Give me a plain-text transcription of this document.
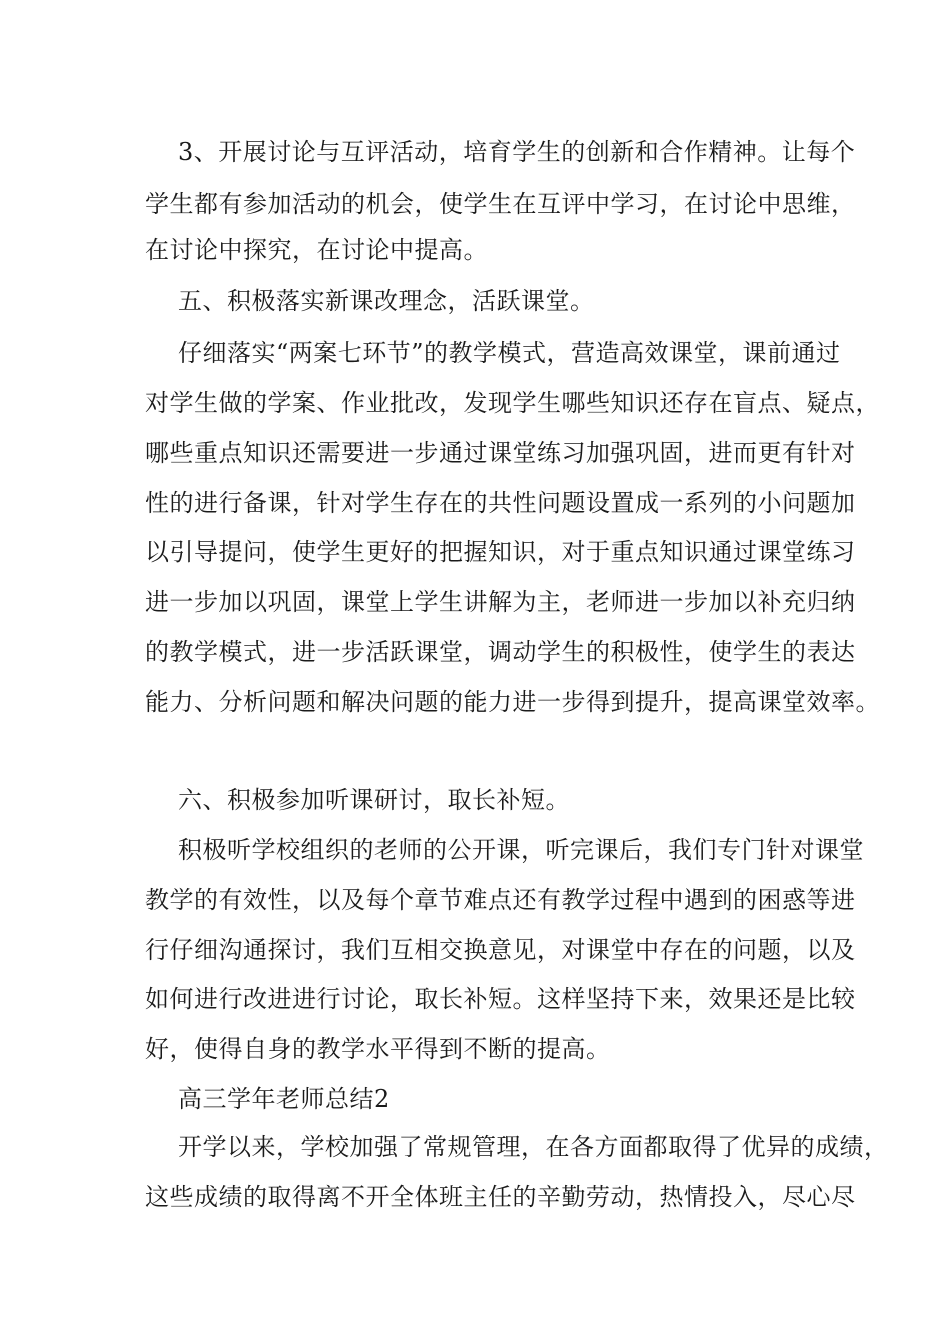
3、开展讨论与互评活动，培育学生的创新和合作精神。让每个
学生都有参加活动的机会，使学生在互评中学习，在讨论中思维，
在讨论中探究，在讨论中提高。
五、积极落实新课改理念，活跃课堂。
仔细落实“两案七环节”的教学模式，营造高效课堂，课前通过
对学生做的学案、作业批改，发现学生哪些知识还存在盲点、疑点，
哪些重点知识还需要进一步通过课堂练习加强巩固，进而更有针对
性的进行备课，针对学生存在的共性问题设置成一系列的小问题加
以引导提问，使学生更好的把握知识，对于重点知识通过课堂练习
进一步加以巩固，课堂上学生讲解为主，老师进一步加以补充归纳
的教学模式，进一步活跃课堂，调动学生的积极性，使学生的表达
能力、分析问题和解决问题的能力进一步得到提升，提高课堂效率。
六、积极参加听课研讨，取长补短。
积极听学校组织的老师的公开课，听完课后，我们专门针对课堂
教学的有效性，以及每个章节难点还有教学过程中遇到的困惑等进
行仔细沟通探讨，我们互相交换意见，对课堂中存在的问题，以及
如何进行改进进行讨论，取长补短。这样坚持下来，效果还是比较
好，使得自身的教学水平得到不断的提高。
高三学年老师总结2
开学以来，学校加强了常规管理，在各方面都取得了优异的成绩，
这些成绩的取得离不开全体班主任的辛勤劳动，热情投入，尽心尽
